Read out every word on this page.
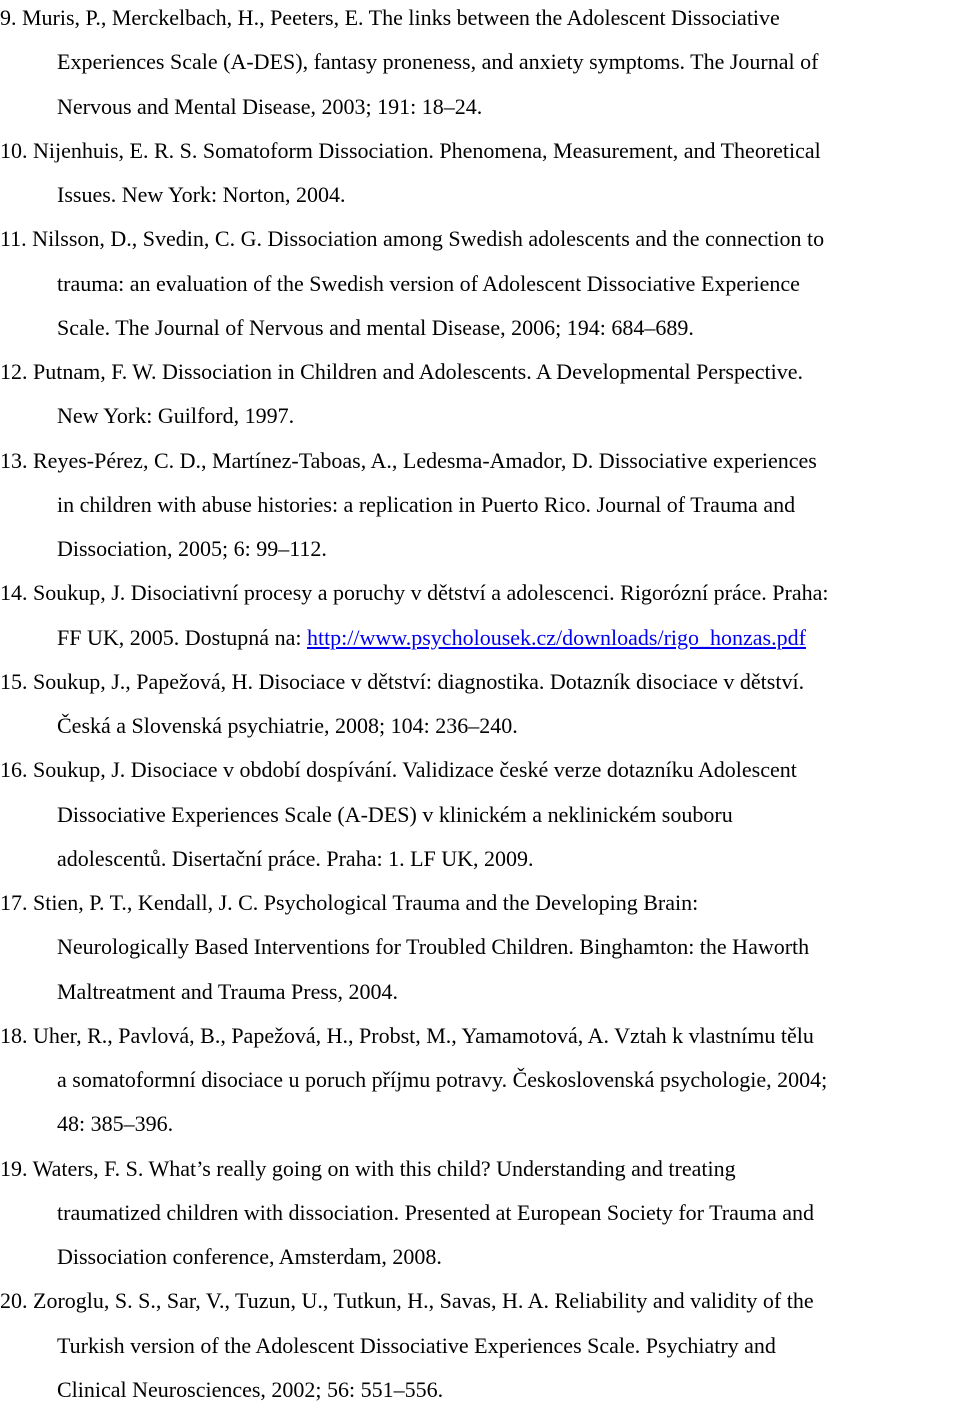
9. Muris, P., Merckelbach, H., Peeters, E. The links between the Adolescent Dissociative
Experiences Scale (A-DES), fantasy proneness, and anxiety symptoms. The Journal of
Nervous and Mental Disease, 2003; 191: 18–24.
10. Nijenhuis, E. R. S. Somatoform Dissociation. Phenomena, Measurement, and Theoretical
Issues. New York: Norton, 2004.
11. Nilsson, D., Svedin, C. G. Dissociation among Swedish adolescents and the connection to
trauma: an evaluation of the Swedish version of Adolescent Dissociative Experience
Scale. The Journal of Nervous and mental Disease, 2006; 194: 684–689.
12. Putnam, F. W. Dissociation in Children and Adolescents. A Developmental Perspective.
New York: Guilford, 1997.
13. Reyes-Pérez, C. D., Martínez-Taboas, A., Ledesma-Amador, D. Dissociative experiences
in children with abuse histories: a replication in Puerto Rico. Journal of Trauma and
Dissociation, 2005; 6: 99–112.
14. Soukup, J. Disociativní procesy a poruchy v dětství a adolescenci. Rigorózní práce. Praha:
FF UK, 2005. Dostupná na: http://www.psycholousek.cz/downloads/rigo_honzas.pdf
15. Soukup, J., Papežová, H. Disociace v dětství: diagnostika. Dotazník disociace v dětství.
Česká a Slovenská psychiatrie, 2008; 104: 236–240.
16. Soukup, J. Disociace v období dospívání. Validizace české verze dotazníku Adolescent
Dissociative Experiences Scale (A-DES) v klinickém a neklinickém souboru
adolescentů. Disertační práce. Praha: 1. LF UK, 2009.
17. Stien, P. T., Kendall, J. C. Psychological Trauma and the Developing Brain:
Neurologically Based Interventions for Troubled Children. Binghamton: the Haworth
Maltreatment and Trauma Press, 2004.
18. Uher, R., Pavlová, B., Papežová, H., Probst, M., Yamamotová, A. Vztah k vlastnímu tělu
a somatoformní disociace u poruch příjmu potravy. Československá psychologie, 2004;
48: 385–396.
19. Waters, F. S. What’s really going on with this child? Understanding and treating
traumatized children with dissociation. Presented at European Society for Trauma and
Dissociation conference, Amsterdam, 2008.
20. Zoroglu, S. S., Sar, V., Tuzun, U., Tutkun, H., Savas, H. A. Reliability and validity of the
Turkish version of the Adolescent Dissociative Experiences Scale. Psychiatry and
Clinical Neurosciences, 2002; 56: 551–556.
